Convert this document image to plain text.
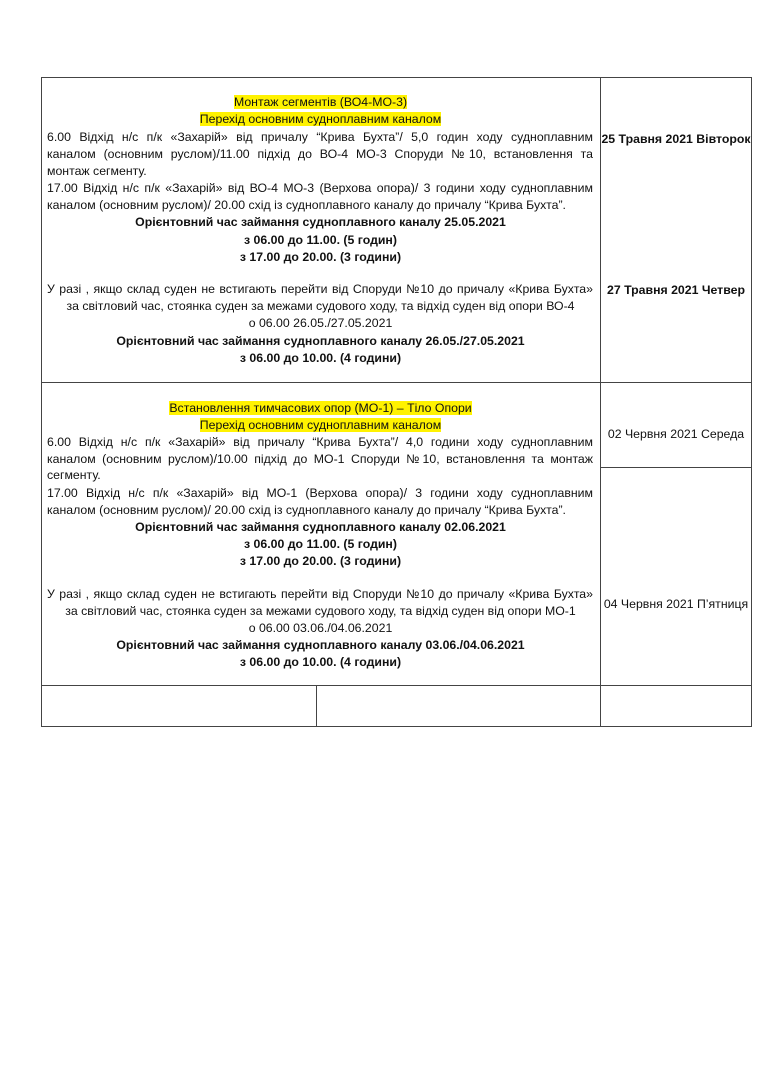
Монтаж сегментів (ВО4-МО-3)
Перехід основним судноплавним каналом
6.00 Відхід н/с п/к «Захарій» від причалу “Крива Бухта”/ 5,0 годин ходу судноплавним
каналом (основним руслом)/11.00 підхід до ВО-4 МО-3 Споруди №10, встановлення та
монтаж сегменту.
17.00 Відхід н/с п/к «Захарій» від ВО-4 МО-3 (Верхова опора)/ 3 години ходу судноплавним
каналом (основним руслом)/ 20.00 схід із судноплавного каналу до причалу “Крива Бухта”.
Орієнтовний час займання судноплавного каналу 25.05.2021
з 06.00 до 11.00. (5 годин)
з 17.00 до 20.00. (3 години)
У разі , якщо склад суден не встигають перейти від Споруди №10 до причалу «Крива Бухта»
за світловий час, стоянка суден за межами судового ходу, та відхід суден від опори ВО-4
о 06.00 26.05./27.05.2021
Орієнтовний час займання судноплавного каналу 26.05./27.05.2021
з 06.00 до 10.00. (4 години)
25 Травня 2021 Вівторок
27 Травня 2021 Четвер
Встановлення тимчасових опор (МО-1) – Тіло Опори
Перехід основним судноплавним каналом
6.00 Відхід н/с п/к «Захарій» від причалу “Крива Бухта”/ 4,0 години ходу судноплавним
каналом (основним руслом)/10.00 підхід до МО-1 Споруди №10, встановлення та монтаж
сегменту.
17.00 Відхід н/с п/к «Захарій» від МО-1 (Верхова опора)/ 3 години ходу судноплавним
каналом (основним руслом)/ 20.00 схід із судноплавного каналу до причалу “Крива Бухта”.
Орієнтовний час займання судноплавного каналу 02.06.2021
з 06.00 до 11.00. (5 годин)
з 17.00 до 20.00. (3 години)
У разі , якщо склад суден не встигають перейти від Споруди №10 до причалу «Крива Бухта»
за світловий час, стоянка суден за межами судового ходу, та відхід суден від опори МО-1
о 06.00 03.06./04.06.2021
Орієнтовний час займання судноплавного каналу 03.06./04.06.2021
з 06.00 до 10.00. (4 години)
02 Червня 2021 Середа
04 Червня 2021 П’ятниця
